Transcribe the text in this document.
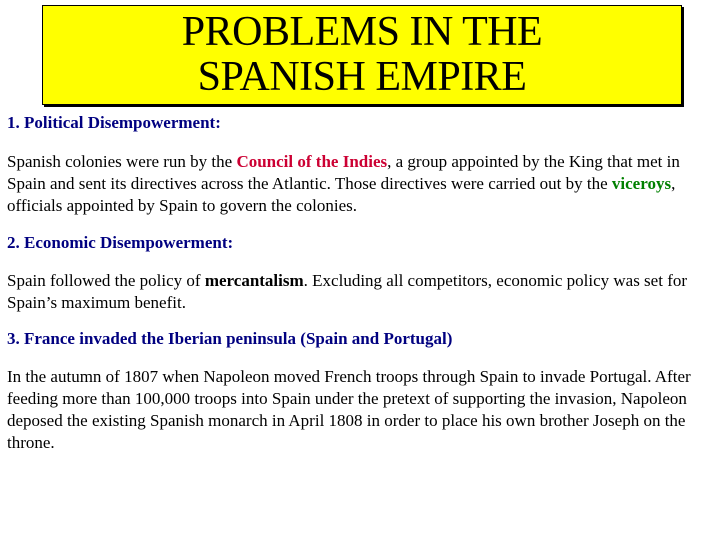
PROBLEMS IN THE
SPANISH EMPIRE

1. Political Disempowerment:

Spanish colonies were run by the Council of the Indies, a group appointed by the King that met in Spain and sent its directives across the Atlantic. Those directives were carried out by the viceroys, officials appointed by Spain to govern the colonies.

2. Economic Disempowerment:

Spain followed the policy of mercantalism. Excluding all competitors, economic policy was set for Spain’s maximum benefit.

3. France invaded the Iberian peninsula (Spain and Portugal)

In the autumn of 1807 when Napoleon moved French troops through Spain to invade Portugal. After feeding more than 100,000 troops into Spain under the pretext of supporting the invasion, Napoleon deposed the existing Spanish monarch in April 1808 in order to place his own brother Joseph on the throne.
